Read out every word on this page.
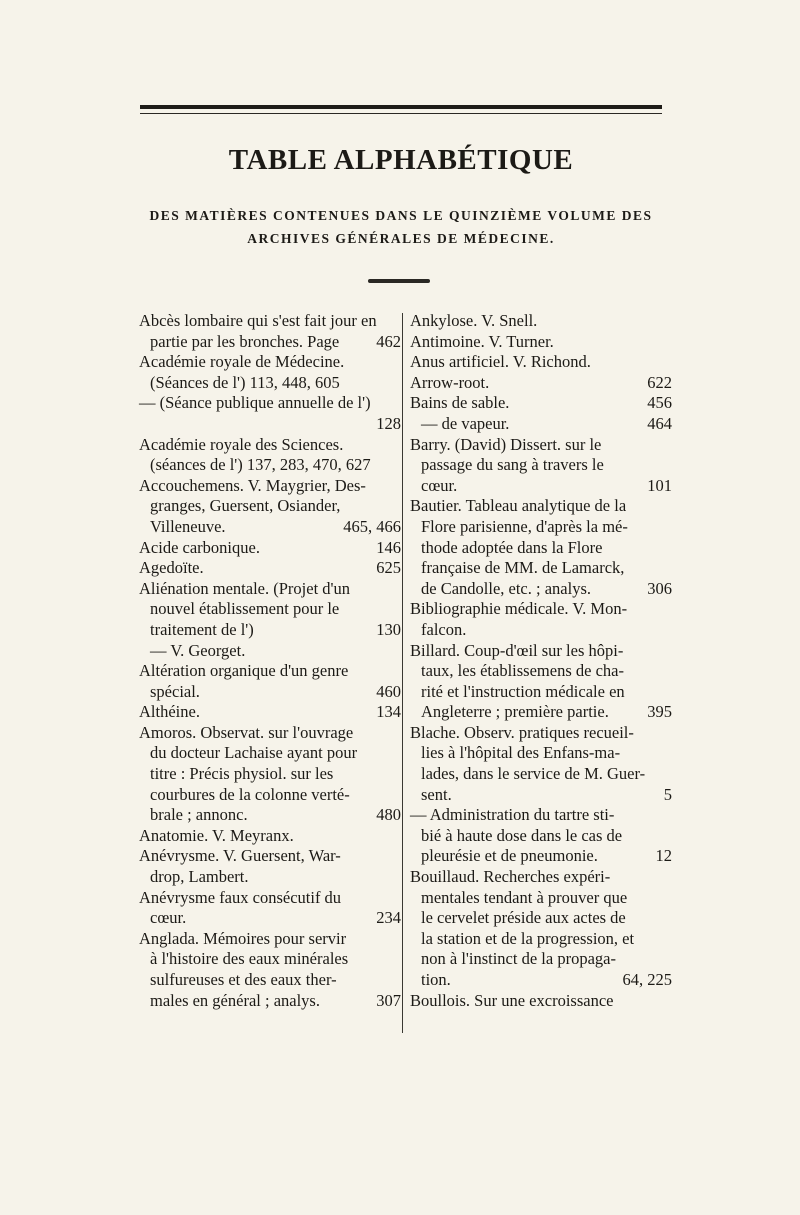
TABLE ALPHABÉTIQUE
DES MATIÈRES CONTENUES DANS LE QUINZIÈME VOLUME DES
ARCHIVES GÉNÉRALES DE MÉDECINE.
Abcès lombaire qui s'est fait jour en
partie par les bronches. Page	462
Académie royale de Médecine.
(Séances de l') 113, 448, 605
— (Séance publique annuelle de l')
128
Académie royale des Sciences.
(séances de l') 137, 283, 470, 627
Accouchemens. V. Maygrier, Des-
granges, Guersent, Osiander,
Villeneuve.	465, 466
Acide carbonique.	146
Agedoïte.	625
Aliénation mentale. (Projet d'un
nouvel établissement pour le
traitement de l')	130
— V. Georget.
Altération organique d'un genre
spécial.	460
Althéine.	134
Amoros. Observat. sur l'ouvrage
du docteur Lachaise ayant pour
titre : Précis physiol. sur les
courbures de la colonne verté-
brale ; annonc.	480
Anatomie. V. Meyranx.
Anévrysme. V. Guersent, War-
drop, Lambert.
Anévrysme faux consécutif du
cœur.	234
Anglada. Mémoires pour servir
à l'histoire des eaux minérales
sulfureuses et des eaux ther-
males en général ; analys.	307
Ankylose. V. Snell.
Antimoine. V. Turner.
Anus artificiel. V. Richond.
Arrow-root.	622
Bains de sable.	456
— de vapeur.	464
Barry. (David) Dissert. sur le
passage du sang à travers le
cœur.	101
Bautier. Tableau analytique de la
Flore parisienne, d'après la mé-
thode adoptée dans la Flore
française de MM. de Lamarck,
de Candolle, etc. ; analys.	306
Bibliographie médicale. V. Mon-
falcon.
Billard. Coup-d'œil sur les hôpi-
taux, les établissemens de cha-
rité et l'instruction médicale en
Angleterre ; première partie.	395
Blache. Observ. pratiques recueil-
lies à l'hôpital des Enfans-ma-
lades, dans le service de M. Guer-
sent.	5
— Administration du tartre sti-
bié à haute dose dans le cas de
pleurésie et de pneumonie.	12
Bouillaud. Recherches expéri-
mentales tendant à prouver que
le cervelet préside aux actes de
la station et de la progression, et
non à l'instinct de la propaga-
tion.	64, 225
Boullois. Sur une excroissance
